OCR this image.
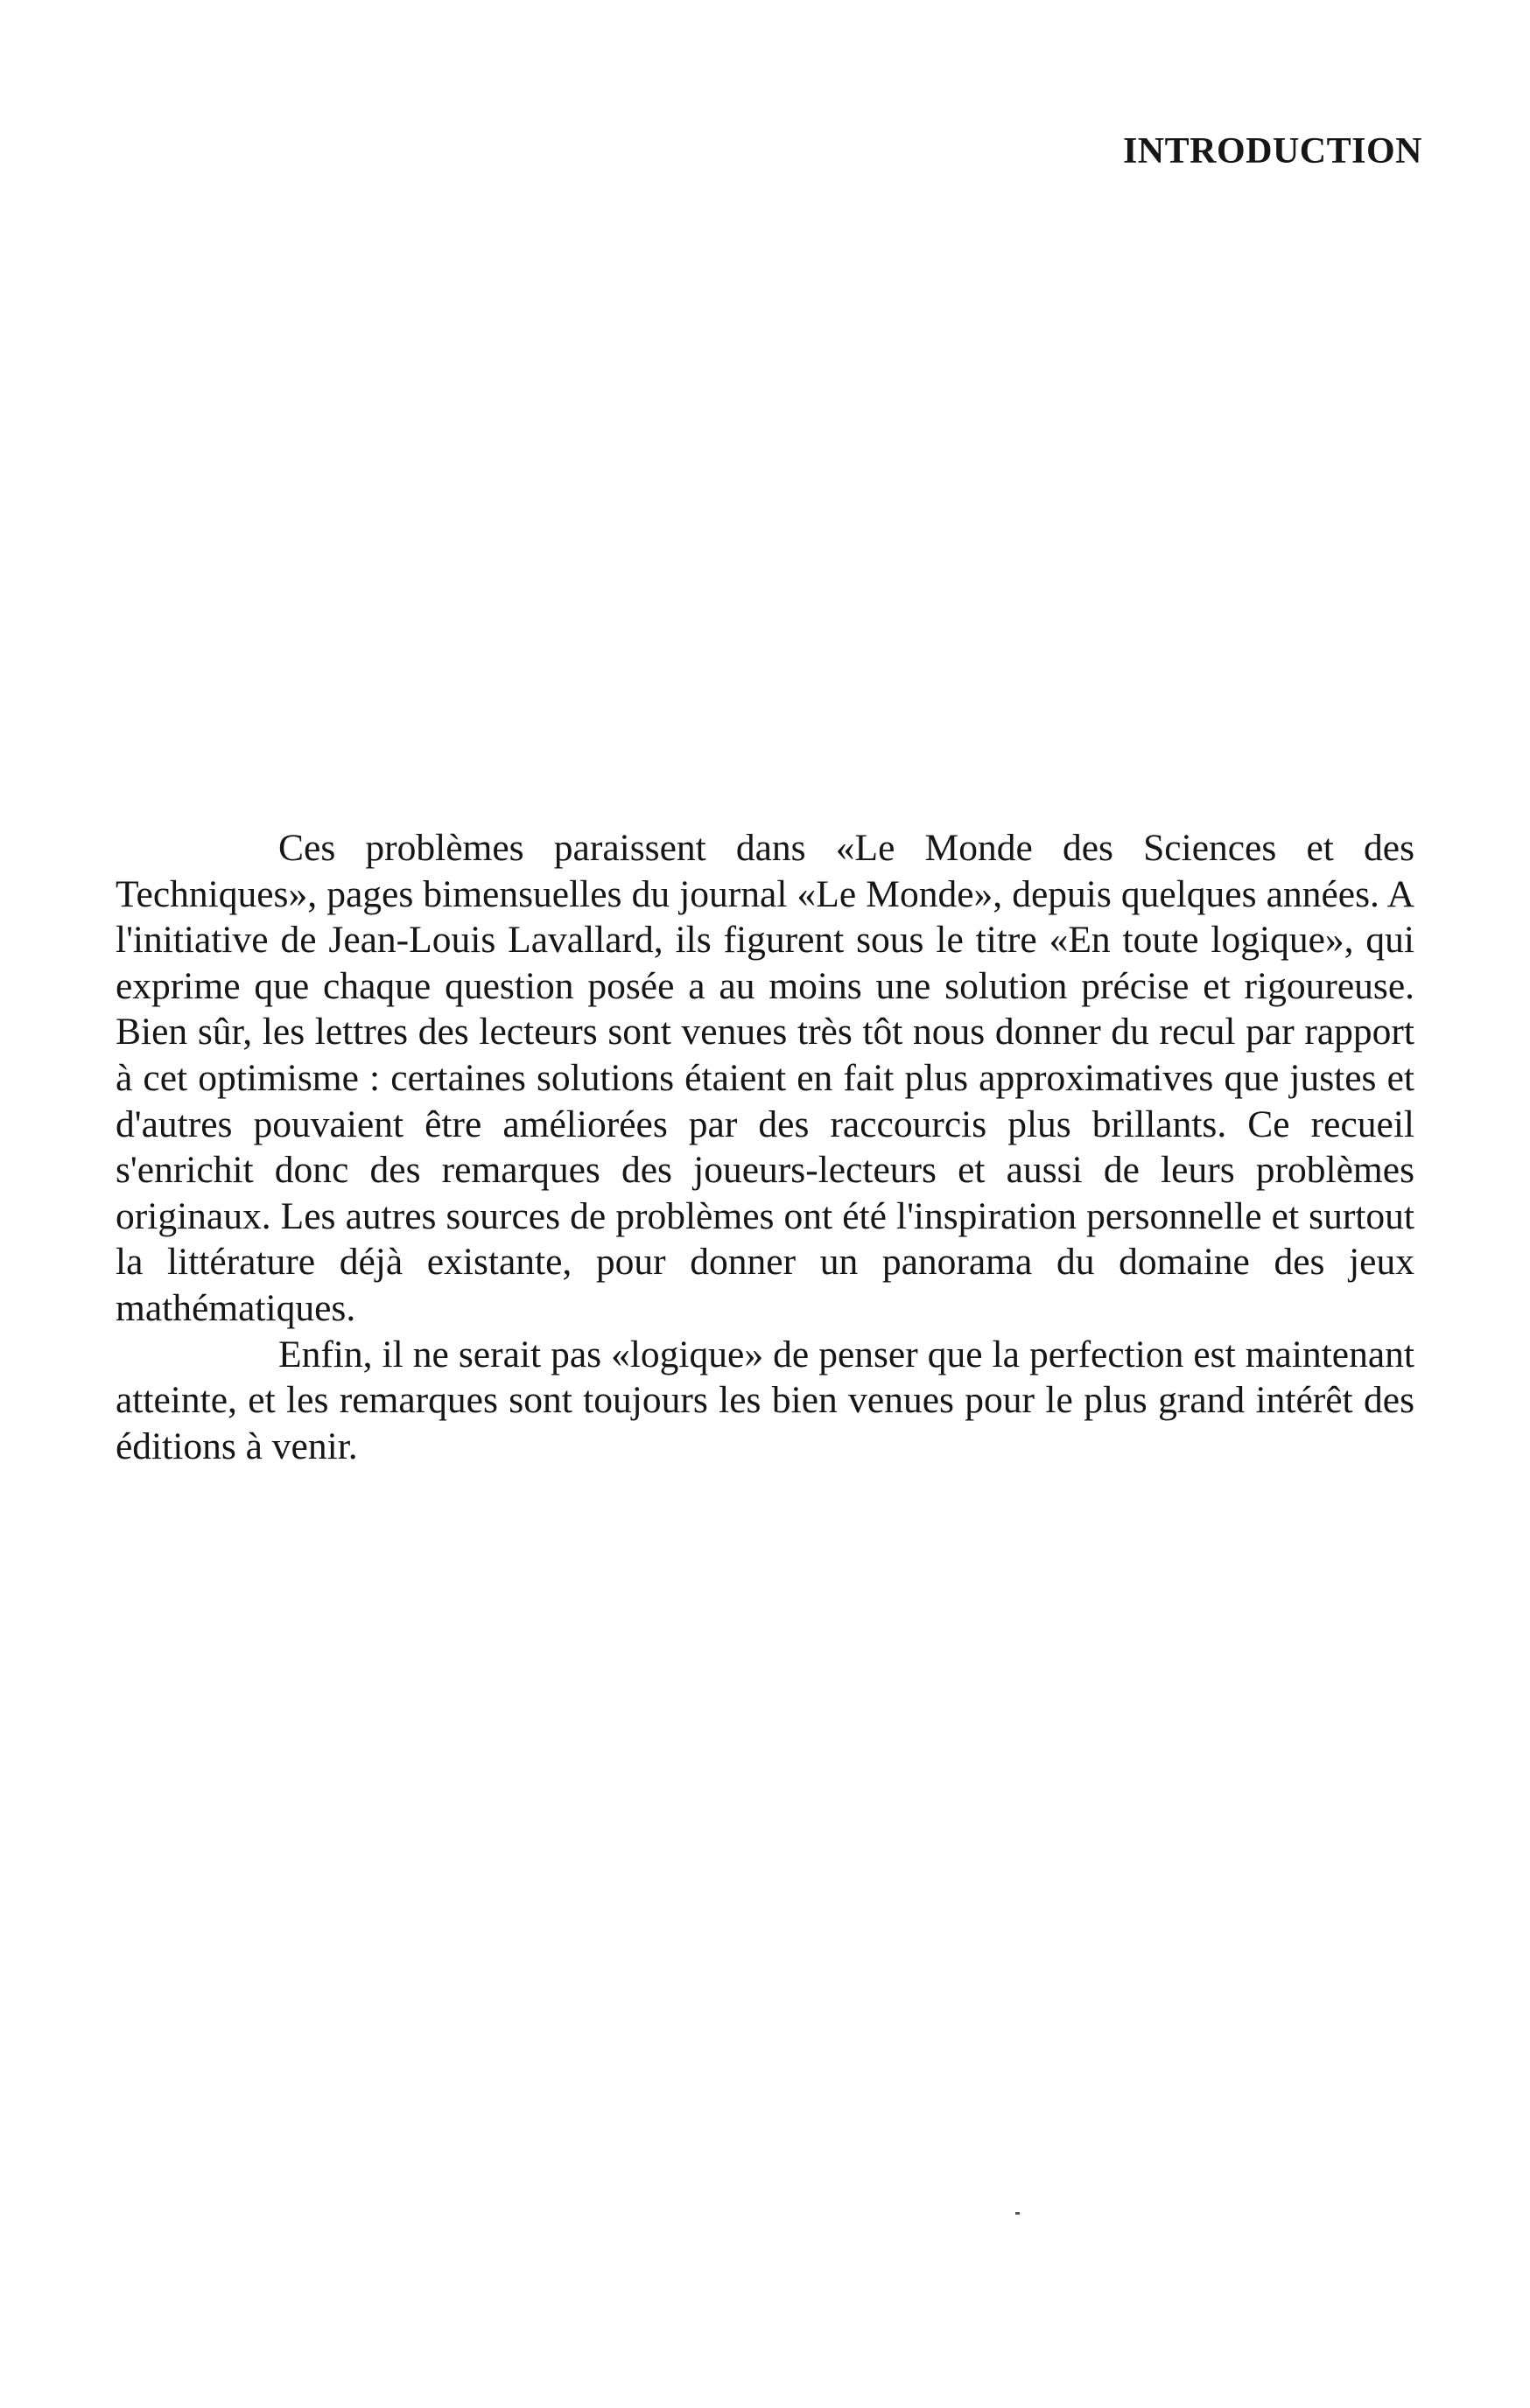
INTRODUCTION

Ces problèmes paraissent dans «Le Monde des Sciences et des Techniques», pages bimensuelles du journal «Le Monde», depuis quelques années. A l'initiative de Jean-Louis Lavallard, ils figurent sous le titre «En toute logique», qui exprime que chaque question posée a au moins une solution précise et rigoureuse. Bien sûr, les lettres des lecteurs sont venues très tôt nous donner du recul par rapport à cet optimisme : certaines solutions étaient en fait plus approximatives que justes et d'autres pouvaient être améliorées par des raccourcis plus brillants. Ce recueil s'enrichit donc des remarques des joueurs-lecteurs et aussi de leurs problèmes originaux. Les autres sources de problèmes ont été l'inspiration personnelle et surtout la littérature déjà existante, pour donner un panorama du domaine des jeux mathématiques.

Enfin, il ne serait pas «logique» de penser que la perfection est maintenant atteinte, et les remarques sont toujours les bien venues pour le plus grand intérêt des éditions à venir.
